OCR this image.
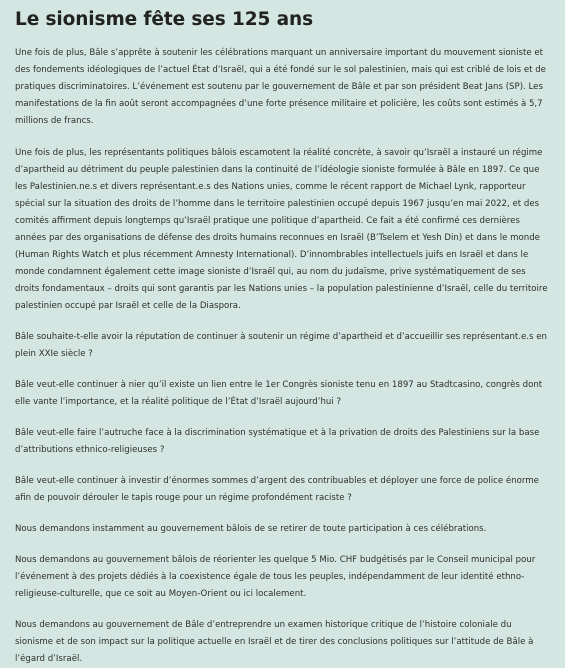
Le sionisme fête ses 125 ans

Une fois de plus, Bâle s’apprête à soutenir les célébrations marquant un anniversaire important du mouvement sioniste et des fondements idéologiques de l’actuel État d’Israël, qui a été fondé sur le sol palestinien, mais qui est criblé de lois et de pratiques discriminatoires. L’événement est soutenu par le gouvernement de Bâle et par son président Beat Jans (SP). Les manifestations de la fin août seront accompagnées d’une forte présence militaire et policière, les coûts sont estimés à 5,7 millions de francs.

Une fois de plus, les représentants politiques bâlois escamotent la réalité concrète, à savoir qu’Israël a instauré un régime d’apartheid au détriment du peuple palestinien dans la continuité de l’idéologie sioniste formulée à Bâle en 1897. Ce que les Palestinien.ne.s et divers représentant.e.s des Nations unies, comme le récent rapport de Michael Lynk, rapporteur spécial sur la situation des droits de l’homme dans le territoire palestinien occupé depuis 1967 jusqu’en mai 2022, et des comités affirment depuis longtemps qu’Israël pratique une politique d’apartheid. Ce fait a été confirmé ces dernières années par des organisations de défense des droits humains reconnues en Israël (B’Tselem et Yesh Din) et dans le monde (Human Rights Watch et plus récemment Amnesty International). D’innombrables intellectuels juifs en Israël et dans le monde condamnent également cette image sioniste d’Israël qui, au nom du judaïsme, prive systématiquement de ses droits fondamentaux – droits qui sont garantis par les Nations unies – la population palestinienne d’Israël, celle du territoire palestinien occupé par Israël et celle de la Diaspora.

Bâle souhaite-t-elle avoir la réputation de continuer à soutenir un régime d’apartheid et d’accueillir ses représentant.e.s en plein XXIe siècle ?

Bâle veut-elle continuer à nier qu’il existe un lien entre le 1er Congrès sioniste tenu en 1897 au Stadtcasino, congrès dont elle vante l’importance, et la réalité politique de l’État d’Israël aujourd’hui ?

Bâle veut-elle faire l’autruche face à la discrimination systématique et à la privation de droits des Palestiniens sur la base d’attributions ethnico-religieuses ?

Bâle veut-elle continuer à investir d’énormes sommes d’argent des contribuables et déployer une force de police énorme afin de pouvoir dérouler le tapis rouge pour un régime profondément raciste ?

Nous demandons instamment au gouvernement bâlois de se retirer de toute participation à ces célébrations.

Nous demandons au gouvernement bâlois de réorienter les quelque 5 Mio. CHF budgétisés par le Conseil municipal pour l’événement à des projets dédiés à la coexistence égale de tous les peuples, indépendamment de leur identité ethno-religieuse-culturelle, que ce soit au Moyen-Orient ou ici localement.

Nous demandons au gouvernement de Bâle d’entreprendre un examen historique critique de l’histoire coloniale du sionisme et de son impact sur la politique actuelle en Israël et de tirer des conclusions politiques sur l’attitude de Bâle à l’égard d’Israël.
